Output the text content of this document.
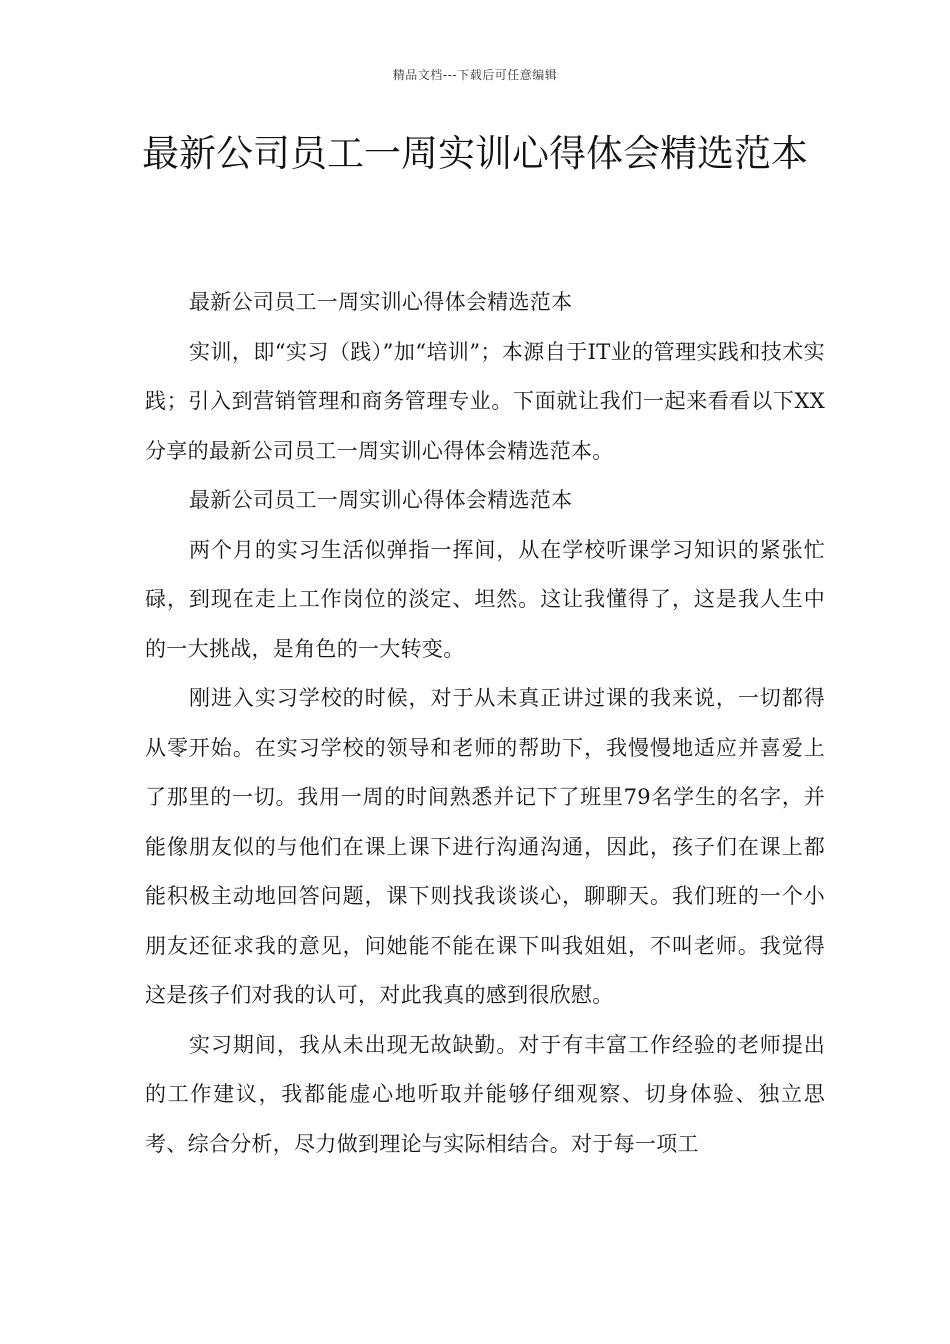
精品文档---下载后可任意编辑
最新公司员工一周实训心得体会精选范本

最新公司员工一周实训心得体会精选范本

实训，即“实习（践）”加“培训”；本源自于IT业的管理实践和技术实践；引入到营销管理和商务管理专业。下面就让我们一起来看看以下XX分享的最新公司员工一周实训心得体会精选范本。

最新公司员工一周实训心得体会精选范本

两个月的实习生活似弹指一挥间，从在学校听课学习知识的紧张忙碌，到现在走上工作岗位的淡定、坦然。这让我懂得了，这是我人生中的一大挑战，是角色的一大转变。

刚进入实习学校的时候，对于从未真正讲过课的我来说，一切都得从零开始。在实习学校的领导和老师的帮助下，我慢慢地适应并喜爱上了那里的一切。我用一周的时间熟悉并记下了班里79名学生的名字，并能像朋友似的与他们在课上课下进行沟通沟通，因此，孩子们在课上都能积极主动地回答问题，课下则找我谈谈心，聊聊天。我们班的一个小朋友还征求我的意见，问她能不能在课下叫我姐姐，不叫老师。我觉得这是孩子们对我的认可，对此我真的感到很欣慰。

实习期间，我从未出现无故缺勤。对于有丰富工作经验的老师提出的工作建议，我都能虚心地听取并能够仔细观察、切身体验、独立思考、综合分析，尽力做到理论与实际相结合。对于每一项工
